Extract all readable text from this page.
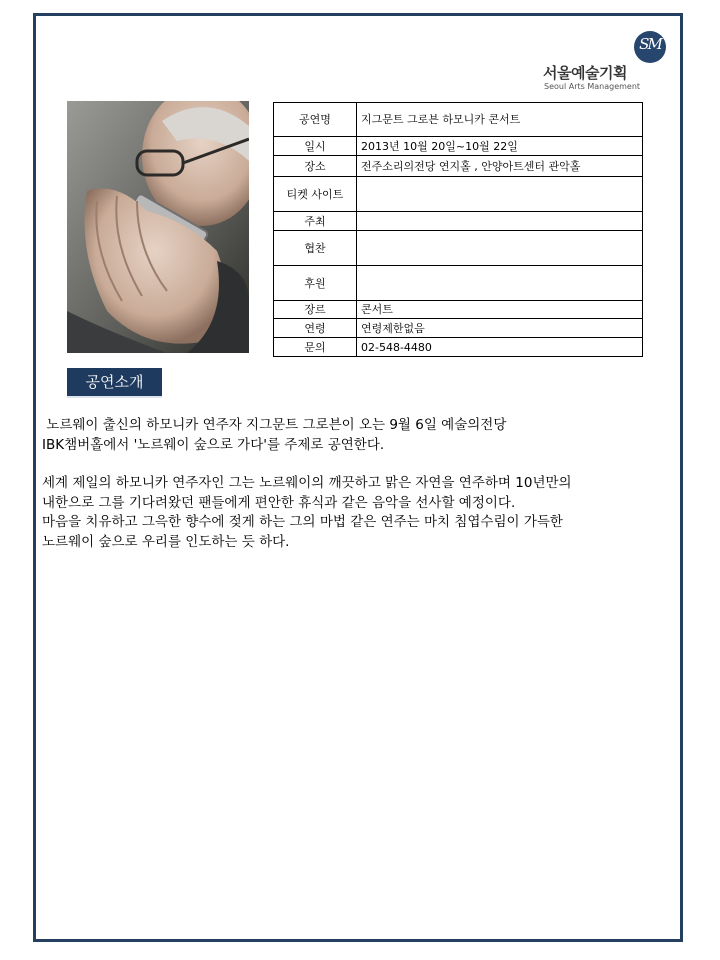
SM
서울예술기획
Seoul Arts Management
공연명	지그문트 그로븐 하모니카 콘서트
일시	2013년 10월 20일~10월 22일
장소	전주소리의전당 연지홀 , 안양아트센터 관악홀
티켓 사이트	
주최	
협찬	
후원	
장르	콘서트
연령	연령제한없음
문의	02-548-4480
공연소개

노르웨이 출신의 하모니카 연주자 지그문트 그로븐이 오는 9월 6일 예술의전당

IBK챔버홀에서 '노르웨이 숲으로 가다'를 주제로 공연한다.

세계 제일의 하모니카 연주자인 그는 노르웨이의 깨끗하고 맑은 자연을 연주하며 10년만의

내한으로 그를 기다려왔던 팬들에게 편안한 휴식과 같은 음악을 선사할 예정이다.

마음을 치유하고 그윽한 향수에 젖게 하는 그의 마법 같은 연주는 마치 침엽수림이 가득한

노르웨이 숲으로 우리를 인도하는 듯 하다.
